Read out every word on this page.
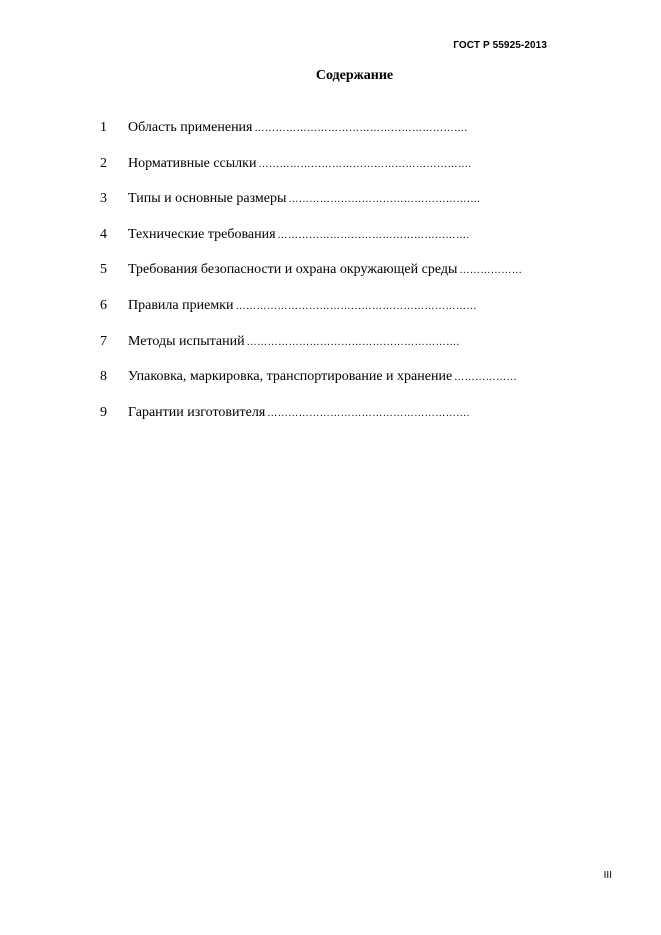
ГОСТ Р 55925-2013
Содержание
1	Область применения …………………………………………………….
2	Нормативные ссылки …………………………………………………….
3	Типы и основные размеры ……………………………………………….
4	Технические требования ……………………………………………….
5	Требования безопасности и охрана окружающей среды ………………
6	Правила приемки ……………………………………………………………
7	Методы испытаний …………………………………………………….
8	Упаковка, маркировка, транспортирование и хранение ………………
9	Гарантии изготовителя ………………………………………………….
III
